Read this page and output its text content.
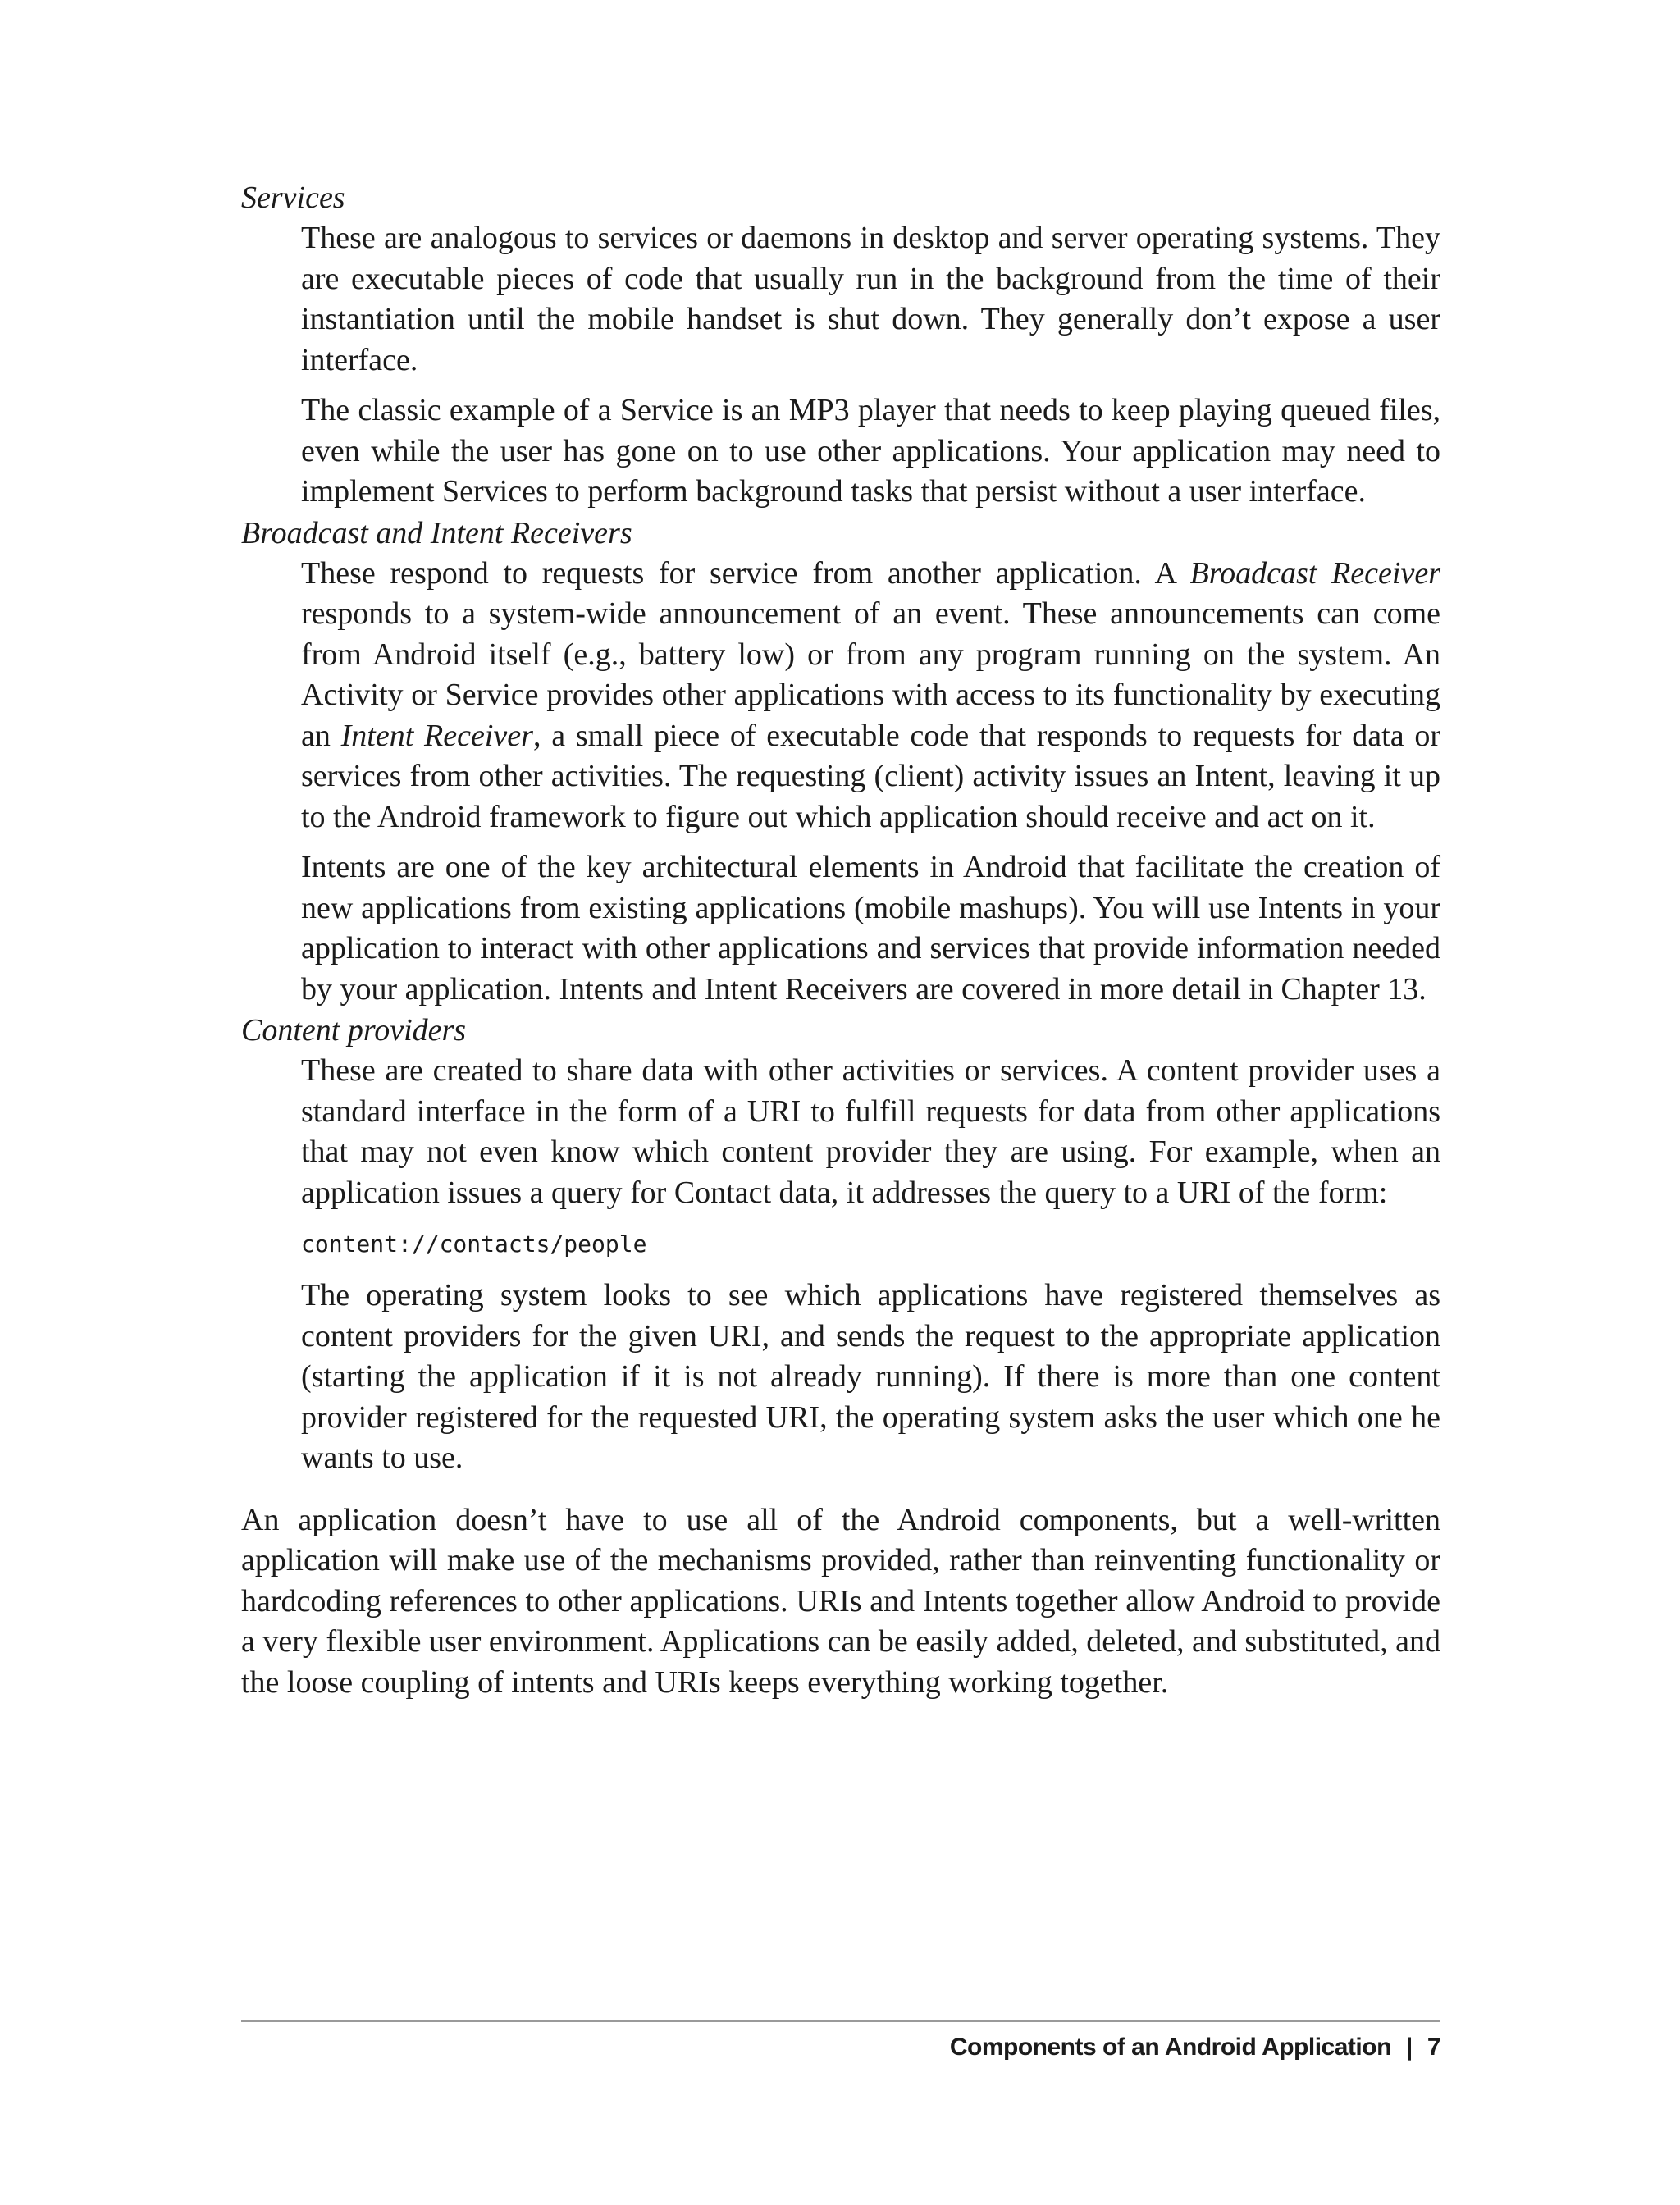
Services

These are analogous to services or daemons in desktop and server operating systems. They are executable pieces of code that usually run in the background from the time of their instantiation until the mobile handset is shut down. They generally don’t expose a user interface.

The classic example of a Service is an MP3 player that needs to keep playing queued files, even while the user has gone on to use other applications. Your application may need to implement Services to perform background tasks that persist without a user interface.

Broadcast and Intent Receivers

These respond to requests for service from another application. A Broadcast Receiver responds to a system-wide announcement of an event. These announcements can come from Android itself (e.g., battery low) or from any program running on the system. An Activity or Service provides other applications with access to its functionality by executing an Intent Receiver, a small piece of executable code that responds to requests for data or services from other activities. The requesting (client) activity issues an Intent, leaving it up to the Android framework to figure out which application should receive and act on it.

Intents are one of the key architectural elements in Android that facilitate the creation of new applications from existing applications (mobile mashups). You will use Intents in your application to interact with other applications and services that provide information needed by your application. Intents and Intent Receivers are covered in more detail in Chapter 13.

Content providers

These are created to share data with other activities or services. A content provider uses a standard interface in the form of a URI to fulfill requests for data from other applications that may not even know which content provider they are using. For example, when an application issues a query for Contact data, it addresses the query to a URI of the form:

content://contacts/people

The operating system looks to see which applications have registered themselves as content providers for the given URI, and sends the request to the appropriate application (starting the application if it is not already running). If there is more than one content provider registered for the requested URI, the operating system asks the user which one he wants to use.

An application doesn’t have to use all of the Android components, but a well-written application will make use of the mechanisms provided, rather than reinventing functionality or hardcoding references to other applications. URIs and Intents together allow Android to provide a very flexible user environment. Applications can be easily added, deleted, and substituted, and the loose coupling of intents and URIs keeps everything working together.

Components of an Android Application | 7
